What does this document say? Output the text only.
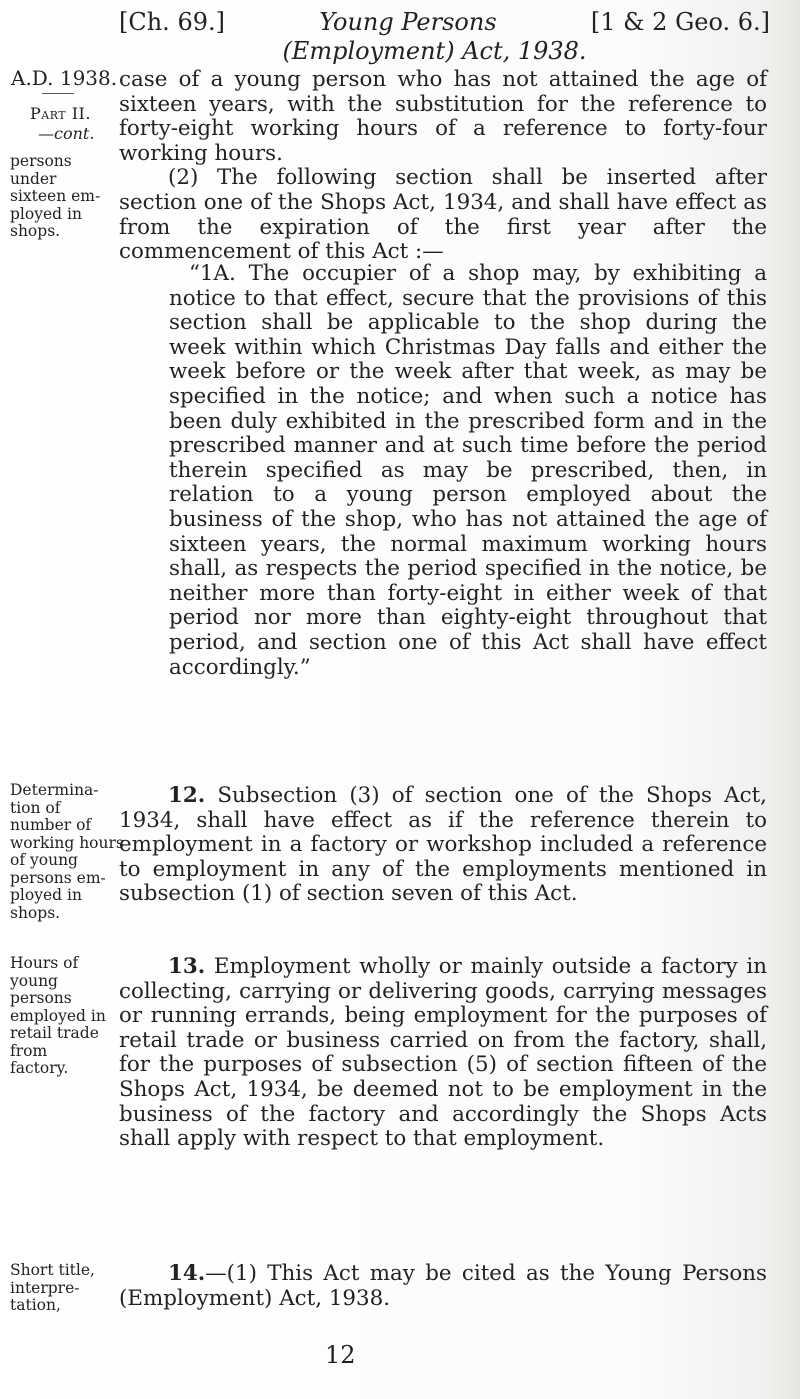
[Ch. 69.]	Young Persons	[1 & 2 Geo. 6.]
(Employment) Act, 1938.
A.D. 1938.
Part II.
—cont.
persons
under
sixteen em-
ployed in
shops.
Determina-
tion of
number of
working hours
of young
persons em-
ployed in
shops.
Hours of
young
persons
employed in
retail trade
from
factory.
Short title,
interpre-
tation,

case of a young person who has not attained the age of sixteen years, with the substitution for the reference to forty-eight working hours of a reference to forty-four working hours.

(2) The following section shall be inserted after section one of the Shops Act, 1934, and shall have effect as from the expiration of the first year after the commencement of this Act :—

“1A. The occupier of a shop may, by exhibiting a notice to that effect, secure that the provisions of this section shall be applicable to the shop during the week within which Christmas Day falls and either the week before or the week after that week, as may be specified in the notice; and when such a notice has been duly exhibited in the prescribed form and in the prescribed manner and at such time before the period therein specified as may be prescribed, then, in relation to a young person employed about the business of the shop, who has not attained the age of sixteen years, the normal maximum working hours shall, as respects the period specified in the notice, be neither more than forty-eight in either week of that period nor more than eighty-eight throughout that period, and section one of this Act shall have effect accordingly.”

12. Subsection (3) of section one of the Shops Act, 1934, shall have effect as if the reference therein to employment in a factory or workshop included a reference to employment in any of the employments mentioned in subsection (1) of section seven of this Act.

13. Employment wholly or mainly outside a factory in collecting, carrying or delivering goods, carrying messages or running errands, being employment for the purposes of retail trade or business carried on from the factory, shall, for the purposes of subsection (5) of section fifteen of the Shops Act, 1934, be deemed not to be employment in the business of the factory and accordingly the Shops Acts shall apply with respect to that employment.

14.—(1) This Act may be cited as the Young Persons (Employment) Act, 1938.

12
